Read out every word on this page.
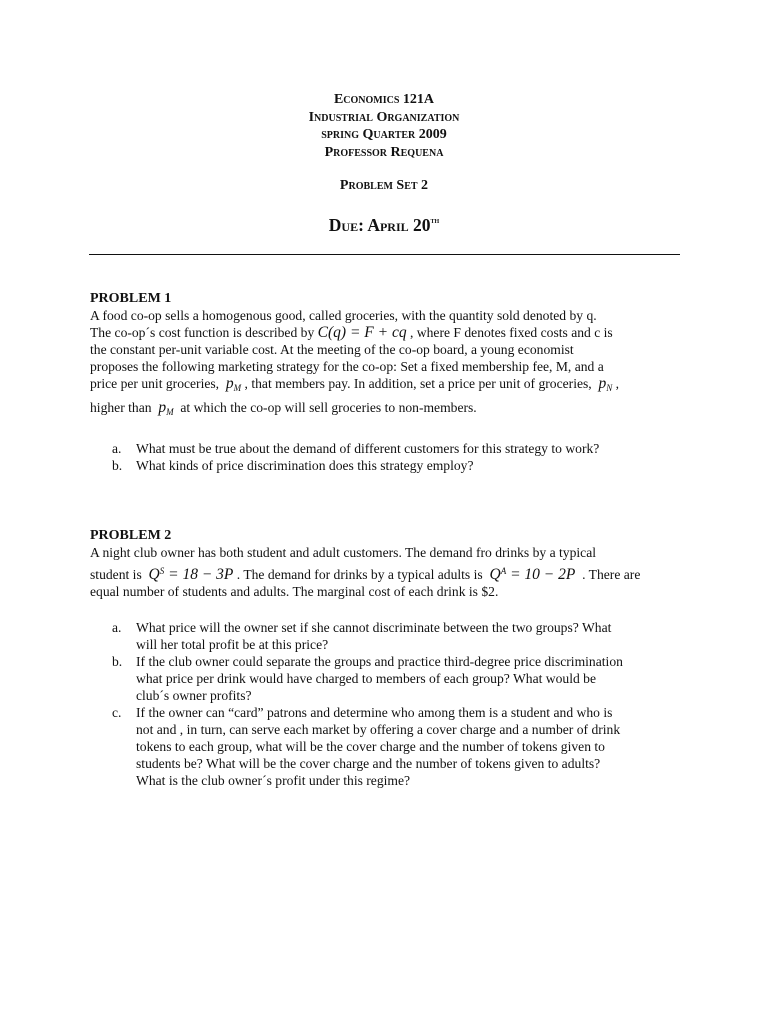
Economics 121A
Industrial Organization
spring Quarter 2009
Professor Requena
Problem Set 2
Due: April 20th
PROBLEM 1
A food co-op sells a homogenous good, called groceries, with the quantity sold denoted by q.
The co-op´s cost function is described by C(q) = F + cq , where F denotes fixed costs and c is
the constant per-unit variable cost. At the meeting of the co-op board, a young economist
proposes the following marketing strategy for the co-op: Set a fixed membership fee, M, and a
price per unit groceries, $p_M$ , that members pay. In addition, set a price per unit of groceries, $p_N$ ,
higher than $p_M$ at which the co-op will sell groceries to non-members.
a. What must be true about the demand of different customers for this strategy to work?
b. What kinds of price discrimination does this strategy employ?
PROBLEM 2
A night club owner has both student and adult customers. The demand fro drinks by a typical
student is $Q^S = 18 - 3P$ . The demand for drinks by a typical adults is $Q^A = 10 - 2P$ . There are
equal number of students and adults. The marginal cost of each drink is $2.
a. What price will the owner set if she cannot discriminate between the two groups? What
will her total profit be at this price?
b. If the club owner could separate the groups and practice third-degree price discrimination
what price per drink would have charged to members of each group? What would be
club´s owner profits?
c. If the owner can “card” patrons and determine who among them is a student and who is
not and , in turn, can serve each market by offering a cover charge and a number of drink
tokens to each group, what will be the cover charge and the number of tokens given to
students be? What will be the cover charge and the number of tokens given to adults?
What is the club owner´s profit under this regime?
